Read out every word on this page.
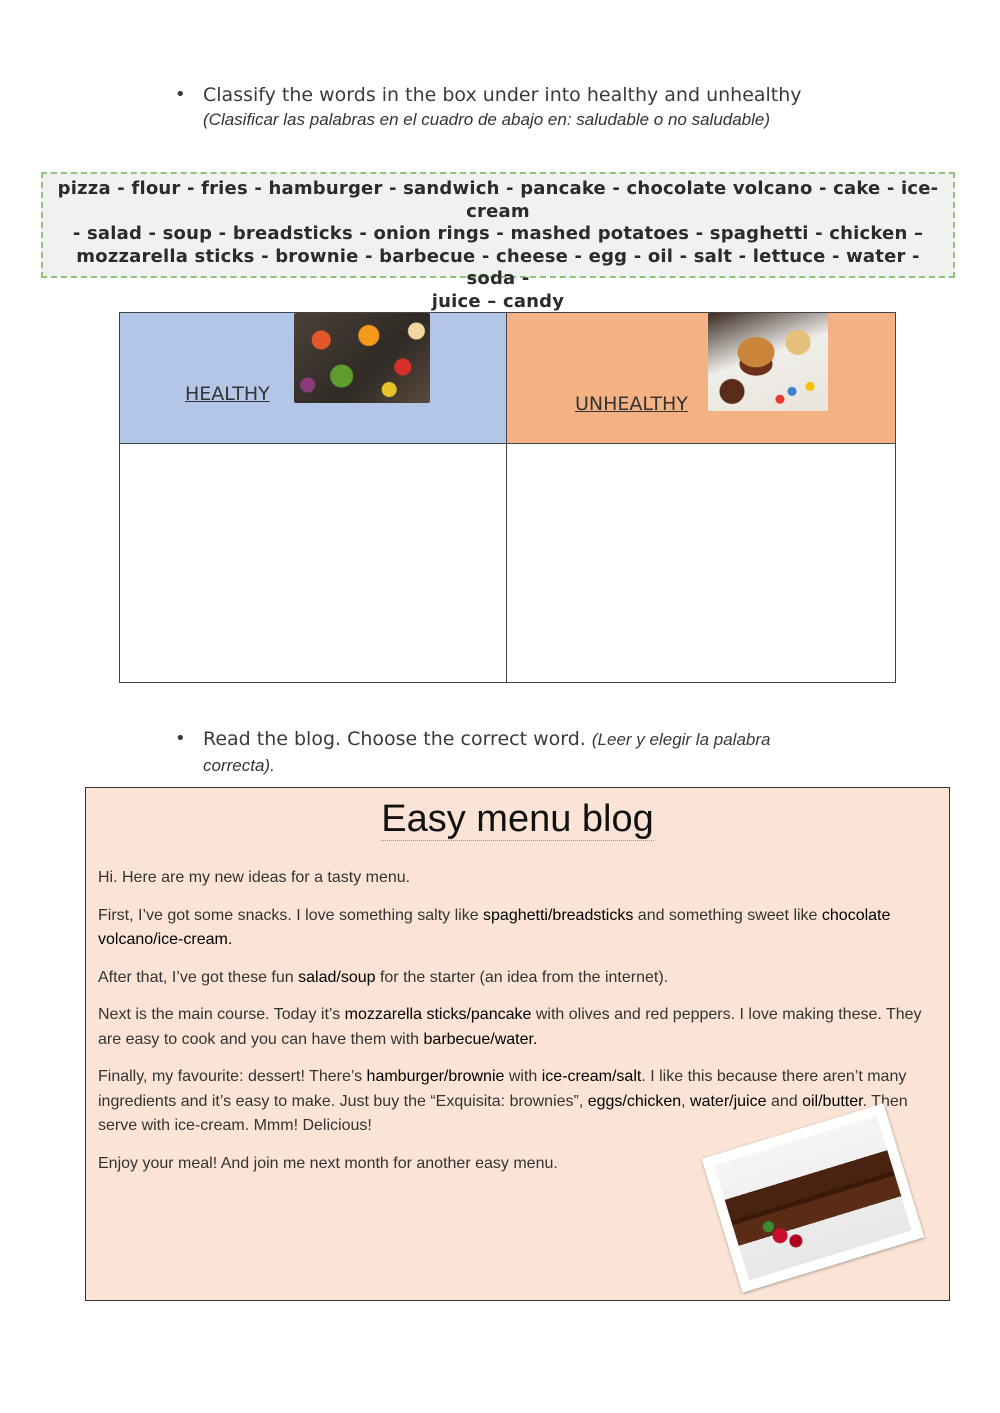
• Classify the words in the box under into healthy and unhealthy
(Clasificar las palabras en el cuadro de abajo en: saludable o no saludable)
pizza - flour - fries - hamburger - sandwich - pancake - chocolate volcano - cake - ice-cream
- salad - soup - breadsticks - onion rings - mashed potatoes - spaghetti - chicken –
mozzarella sticks - brownie - barbecue - cheese - egg - oil - salt - lettuce - water - soda -
juice – candy
HEALTHY	UNHEALTHY

• Read the blog. Choose the correct word. (Leer y elegir la palabra
correcta).
Easy menu blog

Hi. Here are my new ideas for a tasty menu.

First, I’ve got some snacks. I love something salty like spaghetti/breadsticks and something sweet like chocolate volcano/ice-cream.

After that, I’ve got these fun salad/soup for the starter (an idea from the internet).

Next is the main course. Today it’s mozzarella sticks/pancake with olives and red peppers. I love making these. They are easy to cook and you can have them with barbecue/water.

Finally, my favourite: dessert! There’s hamburger/brownie with ice-cream/salt. I like this because there aren’t many ingredients and it’s easy to make. Just buy the “Exquisita: brownies”, eggs/chicken, water/juice and oil/butter. Then serve with ice-cream. Mmm! Delicious!

Enjoy your meal! And join me next month for another easy menu.
